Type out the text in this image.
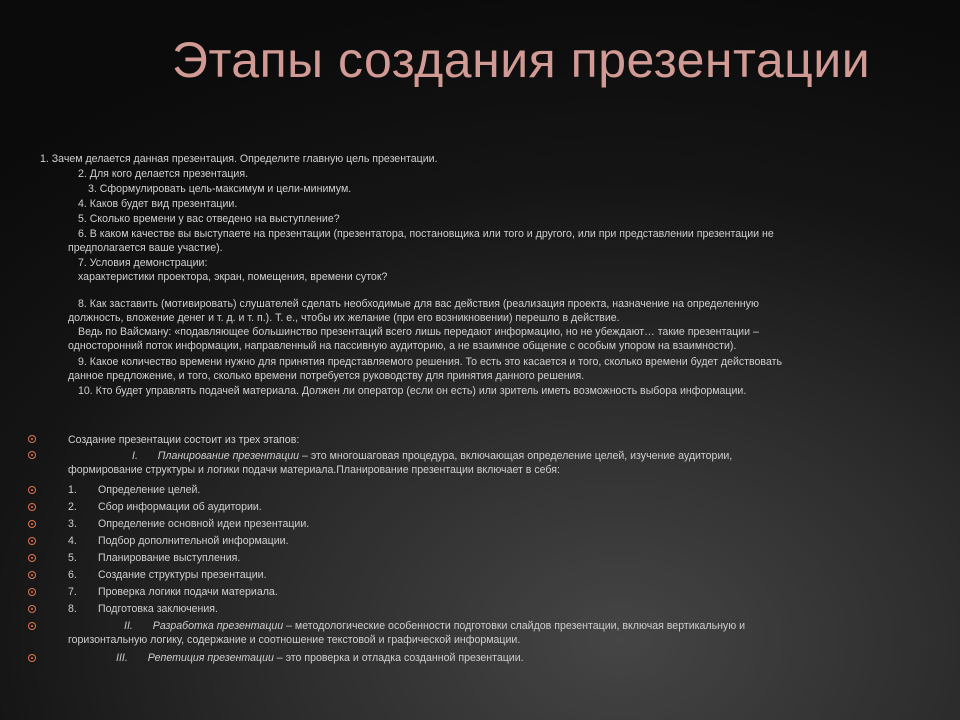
Этапы создания презентации
1. Зачем делается данная презентация. Определите главную цель презентации.
2. Для кого делается презентация.
3. Сформулировать цель-максимум и цели-минимум.
4. Каков будет вид презентации.
5. Сколько времени у вас отведено на выступление?
6. В каком качестве вы выступаете на презентации (презентатора, постановщика или того и другого, или при представлении презентации не
предполагается ваше участие).
7. Условия демонстрации:
характеристики проектора, экран, помещения, времени суток?
8. Как заставить (мотивировать) слушателей сделать необходимые для вас действия (реализация проекта, назначение на определенную
должность, вложение денег и т. д. и т. п.). Т. е., чтобы их желание (при его возникновении) перешло в действие.
Ведь по Вайсману: «подавляющее большинство презентаций всего лишь передают информацию, но не убеждают… такие презентации –
односторонний поток информации, направленный на пассивную аудиторию, а не взаимное общение с особым упором на взаимности).
9. Какое количество времени нужно для принятия представляемого решения. То есть это касается и того, сколько времени будет действовать
данное предложение, и того, сколько времени потребуется руководству для принятия данного решения.
10. Кто будет управлять подачей материала. Должен ли оператор (если он есть) или зритель иметь возможность выбора информации.
Создание презентации состоит из трех этапов:
I. Планирование презентации – это многошаговая процедура, включающая определение целей, изучение аудитории,
формирование структуры и логики подачи материала.Планирование презентации включает в себя:
1. Определение целей.
2. Сбор информации об аудитории.
3. Определение основной идеи презентации.
4. Подбор дополнительной информации.
5. Планирование выступления.
6. Создание структуры презентации.
7. Проверка логики подачи материала.
8. Подготовка заключения.
II. Разработка презентации – методологические особенности подготовки слайдов презентации, включая вертикальную и
горизонтальную логику, содержание и соотношение текстовой и графической информации.
III. Репетиция презентации – это проверка и отладка созданной презентации.
